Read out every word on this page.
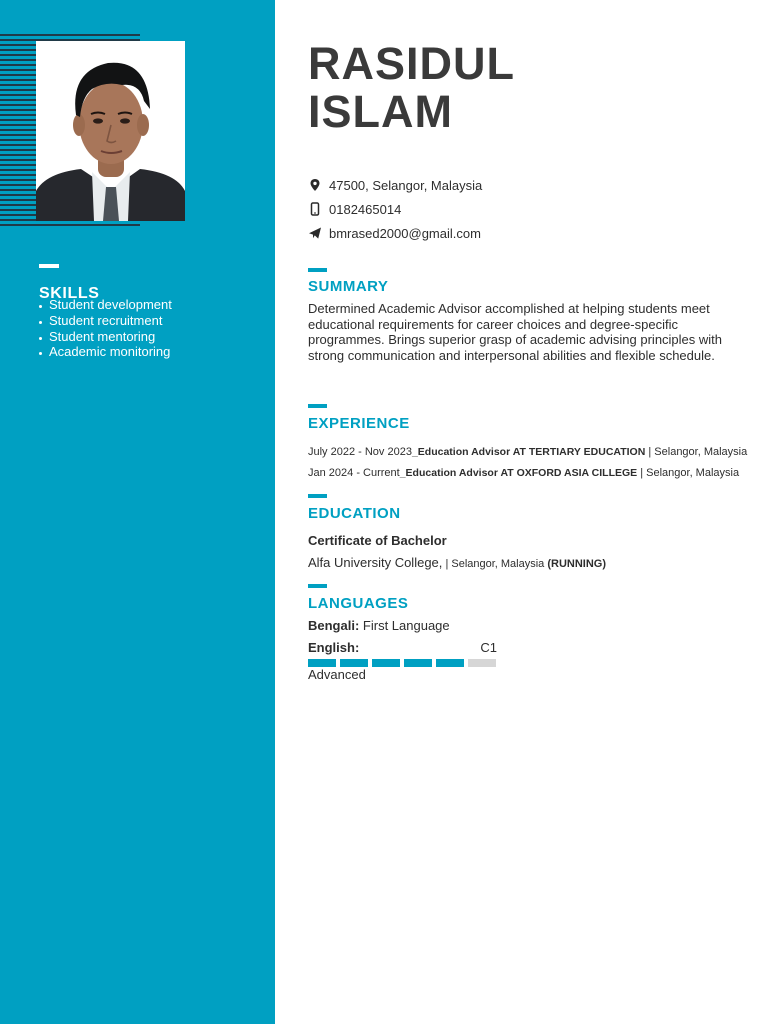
SKILLS
Student development
Student recruitment
Student mentoring
Academic monitoring
RASIDUL
ISLAM
47500, Selangor, Malaysia
0182465014
bmrased2000@gmail.com
SUMMARY

Determined Academic Advisor accomplished at helping students meet educational requirements for career choices and degree-specific programmes. Brings superior grasp of academic advising principles with strong communication and interpersonal abilities and flexible schedule.

EXPERIENCE
July 2022 - Nov 2023_Education Advisor AT TERTIARY EDUCATION | Selangor, Malaysia
Jan 2024 - Current_Education Advisor AT OXFORD ASIA CILLEGE | Selangor, Malaysia
EDUCATION
Certificate of Bachelor
Alfa University College, | Selangor, Malaysia (RUNNING)
LANGUAGES
Bengali: First Language
English:	C1
Advanced
